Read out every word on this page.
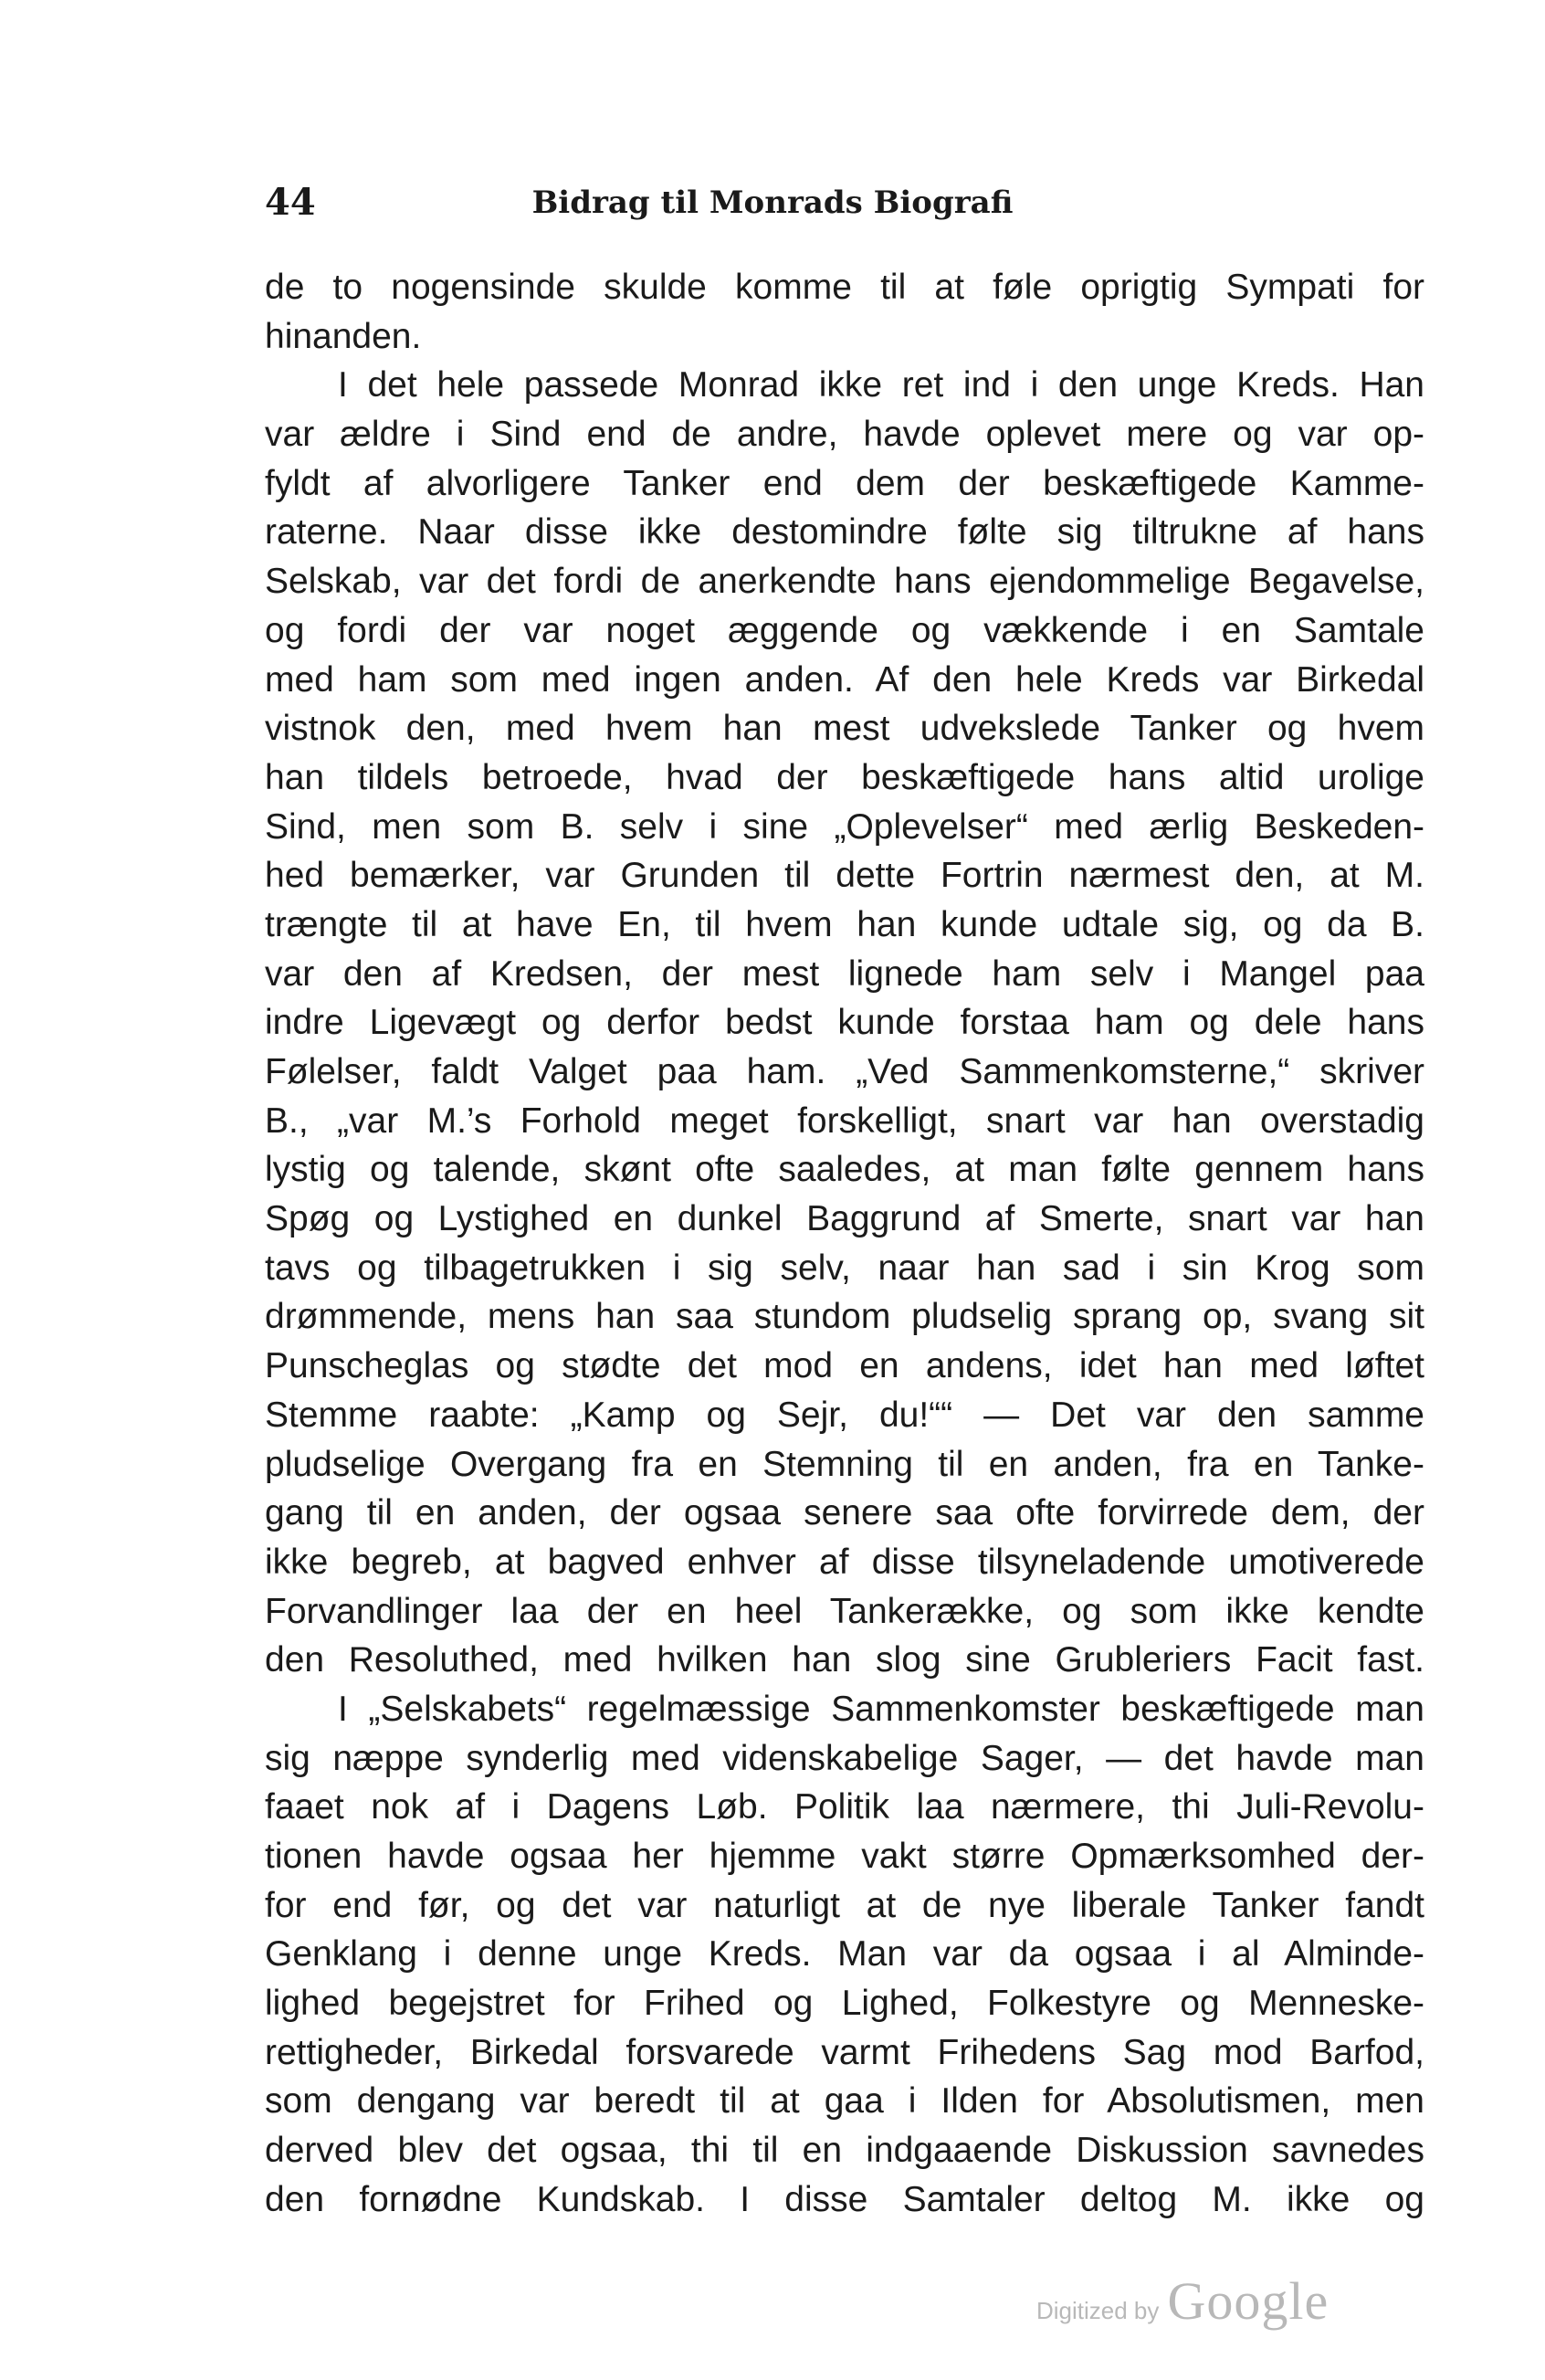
44	Bidrag til Monrads Biografi
de to nogensinde skulde komme til at føle oprigtig Sympati for
hinanden.
I det hele passede Monrad ikke ret ind i den unge Kreds. Han
var ældre i Sind end de andre, havde oplevet mere og var op-
fyldt af alvorligere Tanker end dem der beskæftigede Kamme-
raterne. Naar disse ikke destomindre følte sig tiltrukne af hans
Selskab, var det fordi de anerkendte hans ejendommelige Begavelse,
og fordi der var noget æggende og vækkende i en Samtale
med ham som med ingen anden. Af den hele Kreds var Birkedal
vistnok den, med hvem han mest udvekslede Tanker og hvem
han tildels betroede, hvad der beskæftigede hans altid urolige
Sind, men som B. selv i sine „Oplevelser“ med ærlig Beskeden-
hed bemærker, var Grunden til dette Fortrin nærmest den, at M.
trængte til at have En, til hvem han kunde udtale sig, og da B.
var den af Kredsen, der mest lignede ham selv i Mangel paa
indre Ligevægt og derfor bedst kunde forstaa ham og dele hans
Følelser, faldt Valget paa ham. „Ved Sammenkomsterne,“ skriver
B., „var M.’s Forhold meget forskelligt, snart var han overstadig
lystig og talende, skønt ofte saaledes, at man følte gennem hans
Spøg og Lystighed en dunkel Baggrund af Smerte, snart var han
tavs og tilbagetrukken i sig selv, naar han sad i sin Krog som
drømmende, mens han saa stundom pludselig sprang op, svang sit
Punscheglas og stødte det mod en andens, idet han med løftet
Stemme raabte: „Kamp og Sejr, du!““ — Det var den samme
pludselige Overgang fra en Stemning til en anden, fra en Tanke-
gang til en anden, der ogsaa senere saa ofte forvirrede dem, der
ikke begreb, at bagved enhver af disse tilsyneladende umotiverede
Forvandlinger laa der en heel Tankerække, og som ikke kendte
den Resoluthed, med hvilken han slog sine Grubleriers Facit fast.
I „Selskabets“ regelmæssige Sammenkomster beskæftigede man
sig næppe synderlig med videnskabelige Sager, — det havde man
faaet nok af i Dagens Løb. Politik laa nærmere, thi Juli-Revolu-
tionen havde ogsaa her hjemme vakt større Opmærksomhed der-
for end før, og det var naturligt at de nye liberale Tanker fandt
Genklang i denne unge Kreds. Man var da ogsaa i al Alminde-
lighed begejstret for Frihed og Lighed, Folkestyre og Menneske-
rettigheder, Birkedal forsvarede varmt Frihedens Sag mod Barfod,
som dengang var beredt til at gaa i Ilden for Absolutismen, men
derved blev det ogsaa, thi til en indgaaende Diskussion savnedes
den fornødne Kundskab. I disse Samtaler deltog M. ikke og
Digitized by Google
